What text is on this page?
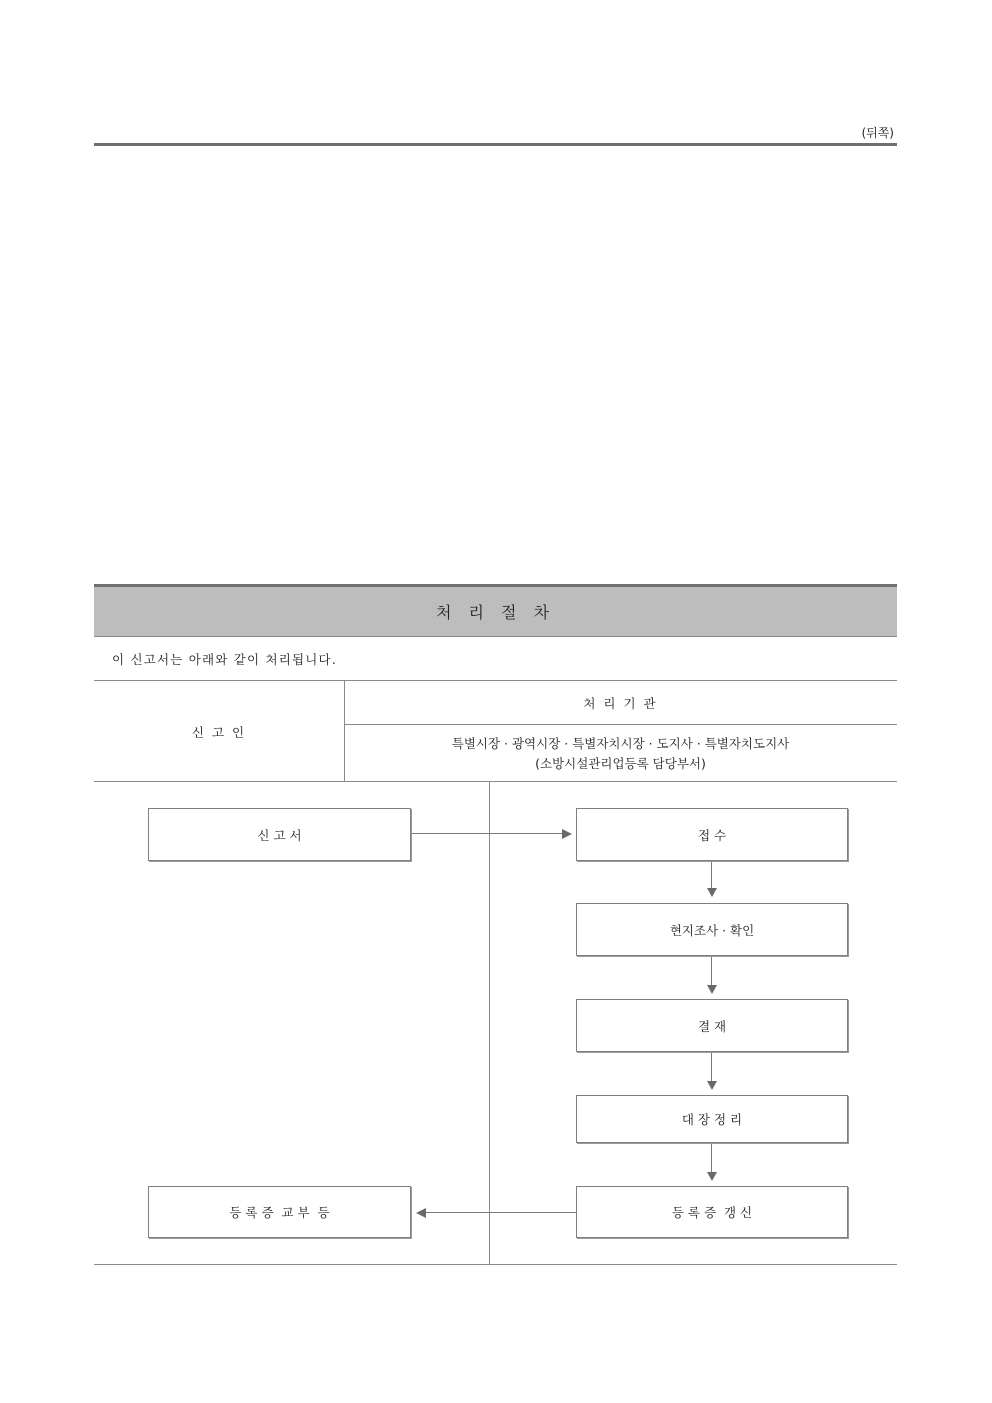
(뒤쪽)
처 리 절 차
이 신고서는 아래와 같이 처리됩니다.
신 고 인
처 리 기 관
특별시장 · 광역시장 · 특별자치시장 · 도지사 · 특별자치도지사
(소방시설관리업등록 담당부서)
신 고 서	접 수
현지조사 · 확인
결 재
대 장 정 리
등 록 증  갱 신
등 록 증  교 부  등
